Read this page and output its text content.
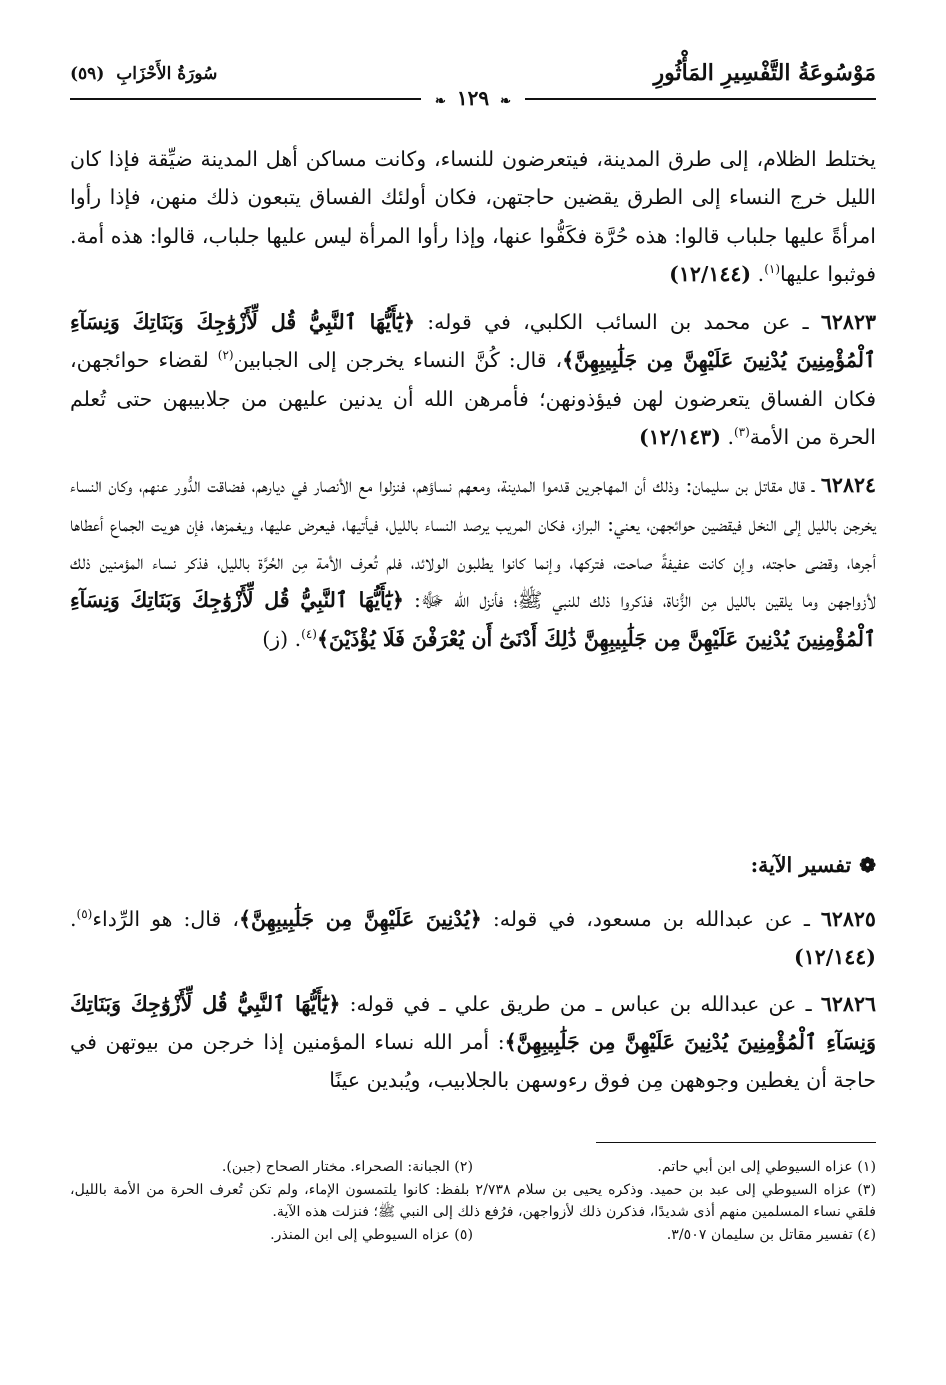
مَوْسُوعَةُ التَّفْسِيرِ المَأْثُورِ
سُورَةُ الأَحْزَابِ (٥٩)
❧ ١٢٩ ❧

يختلط الظلام، إلى طرق المدينة، فيتعرضون للنساء، وكانت مساكن أهل المدينة ضيِّقة فإذا كان الليل خرج النساء إلى الطرق يقضين حاجتهن، فكان أولئك الفساق يتبعون ذلك منهن، فإذا رأوا امرأةً عليها جلباب قالوا: هذه حُرَّة فكَفُّوا عنها، وإذا رأوا المرأة ليس عليها جلباب، قالوا: هذه أمة. فوثبوا عليها$^{(١)}$. (١٢/١٤٤)

٦٢٨٢٣ ـ عن محمد بن السائب الكلبي، في قوله: ﴿يَٰٓأَيُّهَا ٱلنَّبِيُّ قُل لِّأَزْوَٰجِكَ وَبَنَاتِكَ وَنِسَآءِ ٱلْمُؤْمِنِينَ يُدْنِينَ عَلَيْهِنَّ مِن جَلَٰبِيبِهِنَّ﴾، قال: كُنَّ النساء يخرجن إلى الجبابين$^{(٢)}$ لقضاء حوائجهن، فكان الفساق يتعرضون لهن فيؤذونهن؛ فأمرهن الله أن يدنين عليهن من جلابيبهن حتى تُعلم الحرة من الأمة$^{(٣)}$. (١٢/١٤٣)

٦٢٨٢٤ ـ قال مقاتل بن سليمان: وذلك أن المهاجرين قدموا المدينة، ومعهم نساؤهم، فنزلوا مع الأنصار في ديارهم، فضاقت الدُّور عنهم، وكان النساء يخرجن بالليل إلى النخل فيقضين حوائجهن، يعني: البراز، فكان المريب يرصد النساء بالليل، فيأتيها، فيعرض عليها، ويغمزها، فإن هويت الجماع أعطاها أجرها، وقضى حاجته، وإن كانت عفيفةً صاحت، فتركها، وإنما كانوا يطلبون الولائد، فلم تُعرف الأمة مِن الحُرَّة بالليل، فذكر نساء المؤمنين ذلك لأزواجهن وما يلقين بالليل مِن الزُّناة، فذكروا ذلك للنبي ﷺ؛ فأنزل الله ﷻ: ﴿يَٰٓأَيُّهَا ٱلنَّبِيُّ قُل لِّأَزْوَٰجِكَ وَبَنَاتِكَ وَنِسَآءِ ٱلْمُؤْمِنِينَ يُدْنِينَ عَلَيْهِنَّ مِن جَلَٰبِيبِهِنَّ ذَٰلِكَ أَدْنَىٰٓ أَن يُعْرَفْنَ فَلَا يُؤْذَيْنَ﴾$^{(٤)}$. (ز)

❁
تفسير الآية:

٦٢٨٢٥ ـ عن عبدالله بن مسعود، في قوله: ﴿يُدْنِينَ عَلَيْهِنَّ مِن جَلَٰبِيبِهِنَّ﴾، قال: هو الرِّداء$^{(٥)}$. (١٢/١٤٤)

٦٢٨٢٦ ـ عن عبدالله بن عباس ـ من طريق علي ـ في قوله: ﴿يَٰٓأَيُّهَا ٱلنَّبِيُّ قُل لِّأَزْوَٰجِكَ وَبَنَاتِكَ وَنِسَآءِ ٱلْمُؤْمِنِينَ يُدْنِينَ عَلَيْهِنَّ مِن جَلَٰبِيبِهِنَّ﴾: أمر الله نساء المؤمنين إذا خرجن من بيوتهن في حاجة أن يغطين وجوههن مِن فوق رءوسهن بالجلابيب، ويُبدين عينًا

(١) عزاه السيوطي إلى ابن أبي حاتم.
(٢) الجبانة: الصحراء. مختار الصحاح (جبن).
(٣) عزاه السيوطي إلى عبد بن حميد. وذكره يحيى بن سلام ٢/٧٣٨ بلفظ: كانوا يلتمسون الإماء، ولم تكن تُعرف الحرة من الأمة بالليل، فلقي نساء المسلمين منهم أذى شديدًا، فذكرن ذلك لأزواجهن، فرُفع ذلك إلى النبي ﷺ؛ فنزلت هذه الآية.
(٤) تفسير مقاتل بن سليمان ٣/٥٠٧.
(٥) عزاه السيوطي إلى ابن المنذر.
